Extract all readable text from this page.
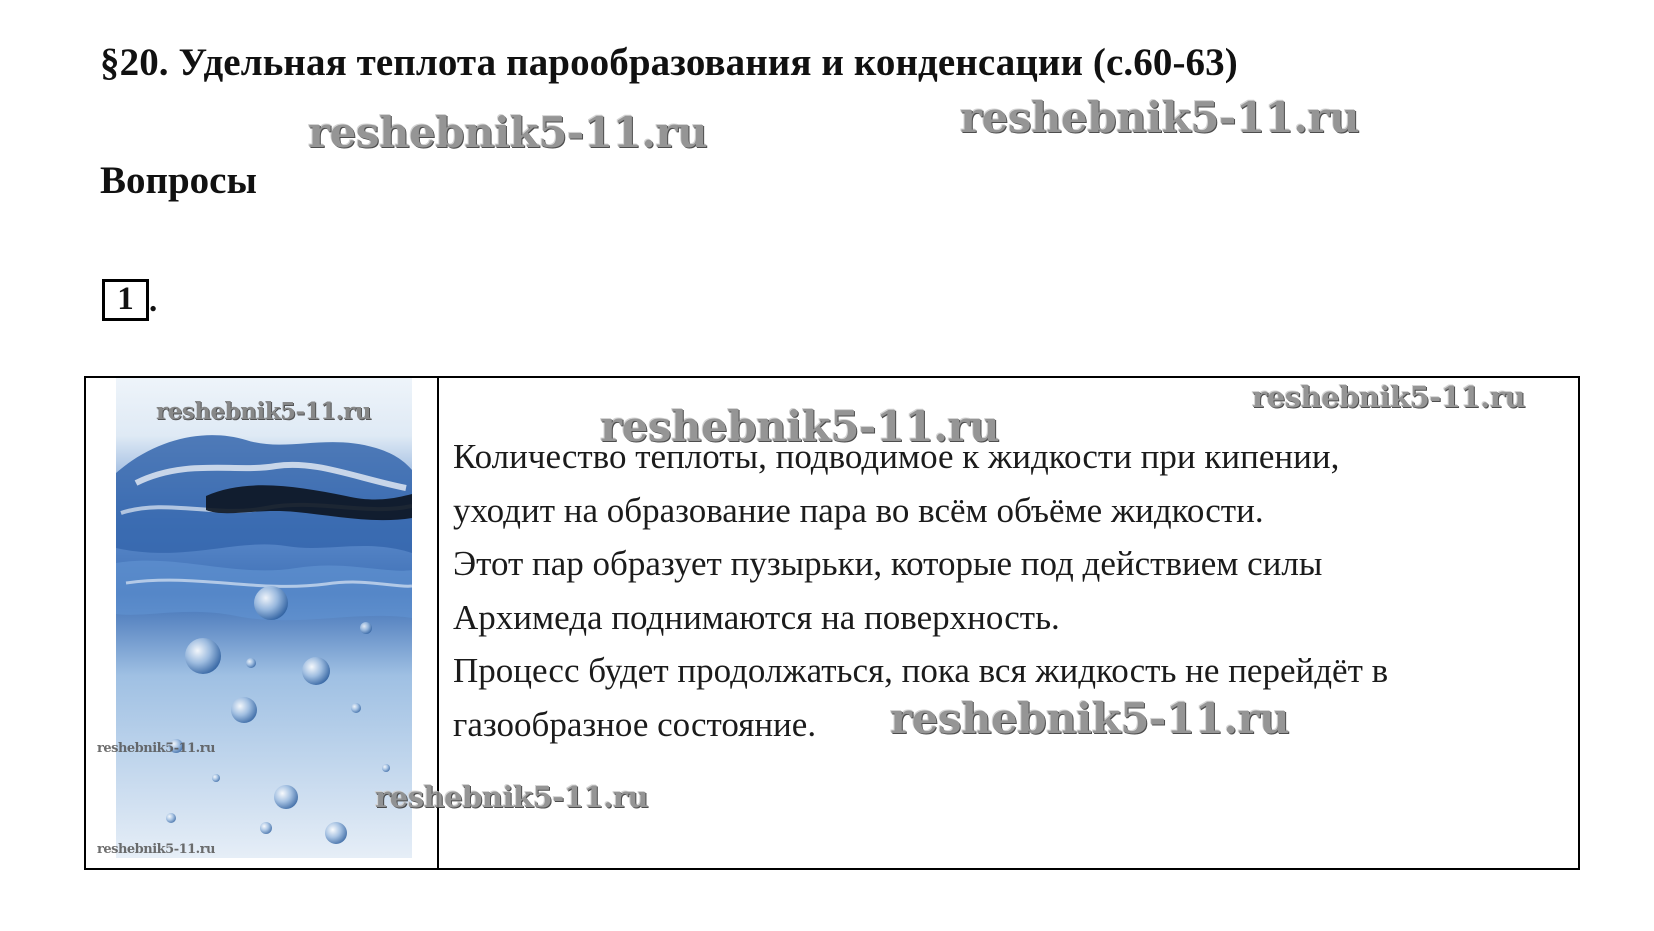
§20. Удельная теплота парообразования и конденсации (с.60-63)
reshebnik5-11.ru	reshebnik5-11.ru
Вопросы
1 .
reshebnik5-11.ru	reshebnik5-11.ru
reshebnik5-11.ru
Количество теплоты, подводимое к жидкости при кипении,
уходит на образование пара во всём объёме жидкости.
Этот пар образует пузырьки, которые под действием силы
Архимеда поднимаются на поверхность.
Процесс будет продолжаться, пока вся жидкость не перейдёт в
газообразное состояние.	reshebnik5-11.ru
reshebnik5-11.ru
reshebnik5-11.ru
reshebnik5-11.ru
